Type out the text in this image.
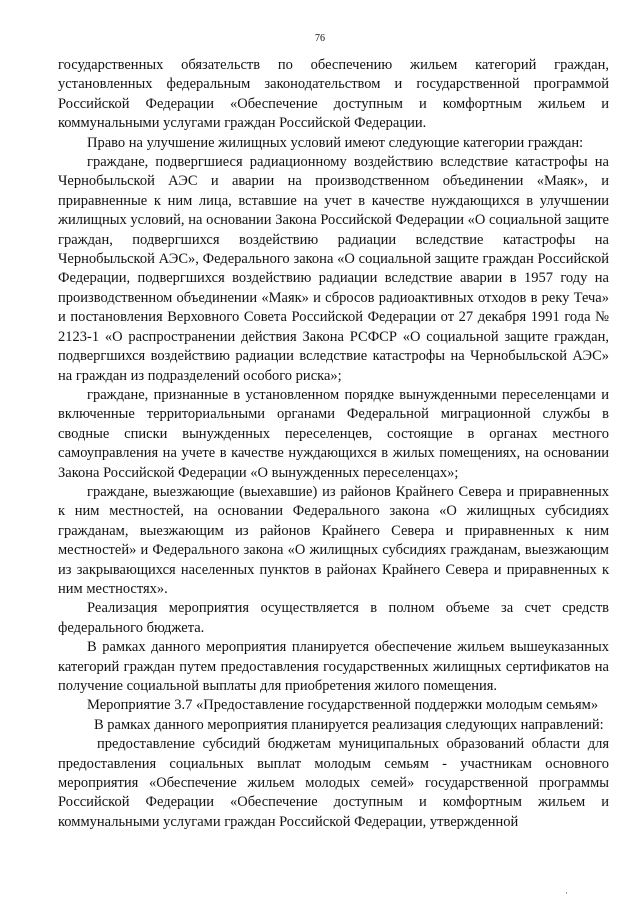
76

государственных обязательств по обеспечению жильем категорий граждан, установленных федеральным законодательством и государственной программой Российской Федерации «Обеспечение доступным и комфортным жильем и коммунальными услугами граждан Российской Федерации.

Право на улучшение жилищных условий имеют следующие категории граждан:

граждане, подвергшиеся радиационному воздействию вследствие катастрофы на Чернобыльской АЭС и аварии на производственном объединении «Маяк», и приравненные к ним лица, вставшие на учет в качестве нуждающихся в улучшении жилищных условий, на основании Закона Российской Федерации «О социальной защите граждан, подвергшихся воздействию радиации вследствие катастрофы на Чернобыльской АЭС», Федерального закона «О социальной защите граждан Российской Федерации, подвергшихся воздействию радиации вследствие аварии в 1957 году на производственном объединении «Маяк» и сбросов радиоактивных отходов в реку Теча» и постановления Верховного Совета Российской Федерации от 27 декабря 1991 года № 2123-1 «О распространении действия Закона РСФСР «О социальной защите граждан, подвергшихся воздействию радиации вследствие катастрофы на Чернобыльской АЭС» на граждан из подразделений особого риска»;

граждане, признанные в установленном порядке вынужденными переселенцами и включенные территориальными органами Федеральной миграционной службы в сводные списки вынужденных переселенцев, состоящие в органах местного самоуправления на учете в качестве нуждающихся в жилых помещениях, на основании Закона Российской Федерации «О вынужденных переселенцах»;

граждане, выезжающие (выехавшие) из районов Крайнего Севера и приравненных к ним местностей, на основании Федерального закона «О жилищных субсидиях гражданам, выезжающим из районов Крайнего Севера и приравненных к ним местностей» и Федерального закона «О жилищных субсидиях гражданам, выезжающим из закрывающихся населенных пунктов в районах Крайнего Севера и приравненных к ним местностях».

Реализация мероприятия осуществляется в полном объеме за счет средств федерального бюджета.

В рамках данного мероприятия планируется обеспечение жильем вышеуказанных категорий граждан путем предоставления государственных жилищных сертификатов на получение социальной выплаты для приобретения жилого помещения.

Мероприятие 3.7 «Предоставление государственной поддержки молодым семьям»

В рамках данного мероприятия планируется реализация следующих направлений:

предоставление субсидий бюджетам муниципальных образований области для предоставления социальных выплат молодым семьям - участникам основного мероприятия «Обеспечение жильем молодых семей» государственной программы Российской Федерации «Обеспечение доступным и комфортным жильем и коммунальными услугами граждан Российской Федерации, утвержденной

·
